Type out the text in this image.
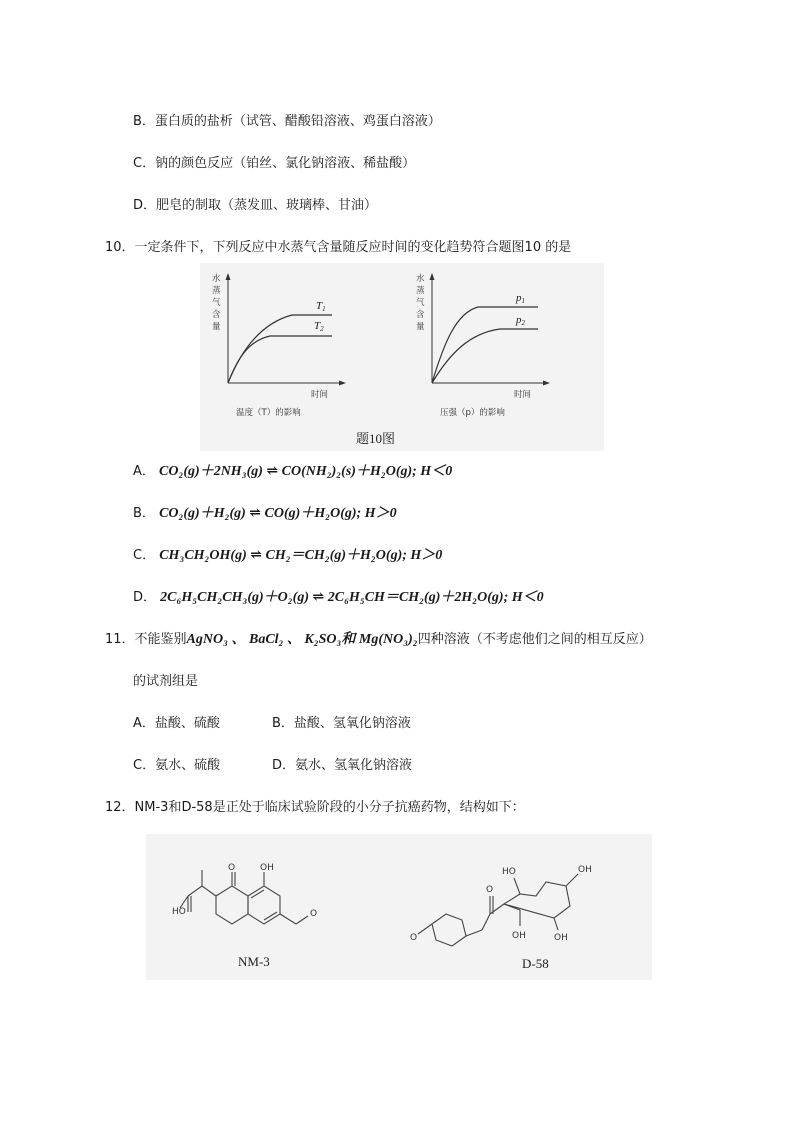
B．蛋白质的盐析（试管、醋酸铅溶液、鸡蛋白溶液）
C．钠的颜色反应（铂丝、氯化钠溶液、稀盐酸）
D．肥皂的制取（蒸发皿、玻璃棒、甘油）
10．一定条件下，下列反应中水蒸气含量随反应时间的变化趋势符合题图10 的是
水
蒸
气
含
量
T1
T2
时间
温度（T）的影响
水
蒸
气
含
量
p1
p2
时间
压强（p）的影响
题10图
A． CO₂(g)＋2NH₃(g) ⇌ CO(NH₂)₂(s)＋H₂O(g); H＜0
B． CO₂(g)＋H₂(g) ⇌ CO(g)＋H₂O(g); H＞0
C． CH₃CH₂OH(g) ⇌ CH₂＝CH₂(g)＋H₂O(g); H＞0
D． 2C₆H₅CH₂CH₃(g)＋O₂(g) ⇌ 2C₆H₅CH＝CH₂(g)＋2H₂O(g); H＜0
11．不能鉴别AgNO₃ 、 BaCl₂ 、 K₂SO₃和 Mg(NO₃)₂四种溶液（不考虑他们之间的相互反应）
的试剂组是
A．盐酸、硫酸	B．盐酸、氢氧化钠溶液
C．氨水、硫酸	D．氨水、氢氧化钠溶液
12．NM-3和D-58是正处于临床试验阶段的小分子抗癌药物，结构如下：
HO
O	OH
O
NM-3
O
O
OH
HO	OH
OH
D-58
